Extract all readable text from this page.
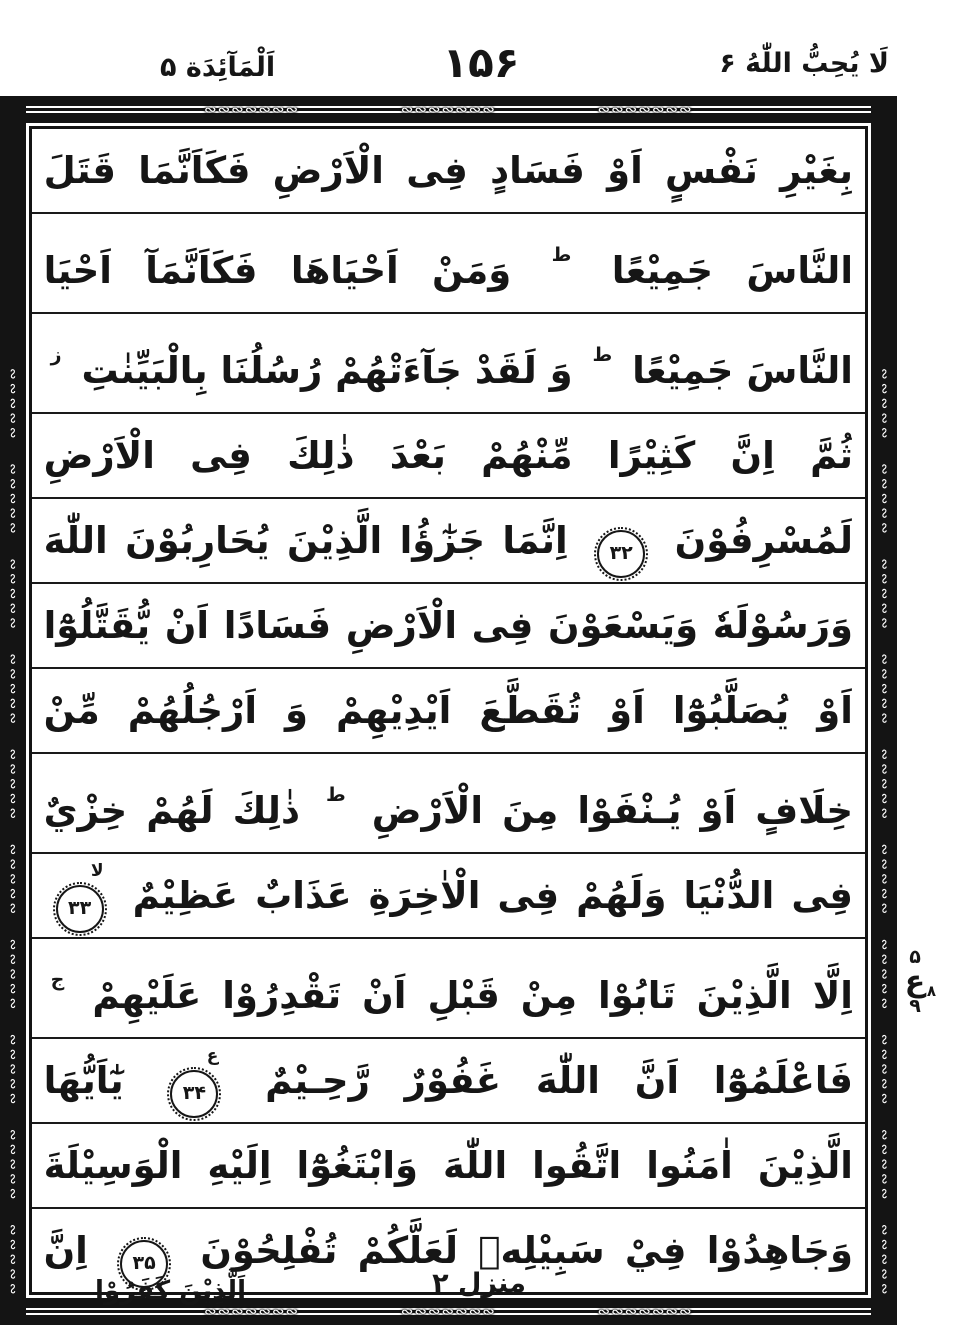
اَلْمَآئِدَة ۵	۱۵۶	لَا يُحِبُّ اللّٰهُ ۶
∾∾∾∾∾∾∾ ∾∾∾∾∾∾∾ ∾∾∾∾∾∾∾
∾∾∾∾∾ ∾∾∾∾∾ ∾∾∾∾∾ ∾∾∾∾∾ ∾∾∾∾∾ ∾∾∾∾∾ ∾∾∾∾∾ ∾∾∾∾∾ ∾∾∾∾∾ ∾∾∾∾∾
بِغَيْرِ نَفْسٍ اَوْ فَسَادٍ فِى الْاَرْضِ فَكَاَنَّمَا قَتَلَ
النَّاسَ جَمِيْعًا $^ط$ وَمَنْ اَحْيَاهَا فَكَاَنَّمَآ اَحْيَا
النَّاسَ جَمِيْعًا $^ط$ وَ لَقَدْ جَآءَتْهُمْ رُسُلُنَا بِالْبَيِّنٰتِ $^ز$
ثُمَّ اِنَّ كَثِيْرًا مِّنْهُمْ بَعْدَ ذٰلِكَ فِى الْاَرْضِ
لَمُسْرِفُوْنَ
۳۲
اِنَّمَا جَزٰٓؤُا الَّذِيْنَ يُحَارِبُوْنَ اللّٰهَ
وَرَسُوْلَهٗ وَيَسْعَوْنَ فِى الْاَرْضِ فَسَادًا اَنْ يُّقَتَّلُوْٓا
اَوْ يُصَلَّبُوْٓا اَوْ تُقَطَّعَ اَيْدِيْهِمْ وَ اَرْجُلُهُمْ مِّنْ
خِلَافٍ اَوْ يُـنْفَوْا مِنَ الْاَرْضِ $^ط$ ذٰلِكَ لَهُمْ خِزْيٌ
فِى الدُّنْيَا وَلَهُمْ فِى الْاٰخِرَةِ عَذَابٌ عَظِيْمٌ
۳۳
لا
اِلَّا الَّذِيْنَ تَابُوْا مِنْ قَبْلِ اَنْ تَقْدِرُوْا عَلَيْهِمْ $^ج$
فَاعْلَمُوْٓا اَنَّ اللّٰهَ غَفُوْرٌ رَّحِـيْمٌ
۳۴
ع
يٰٓاَيُّهَا
الَّذِيْنَ اٰمَنُوا اتَّقُوا اللّٰهَ وَابْتَغُوْٓا اِلَيْهِ الْوَسِيْلَةَ
وَجَاهِدُوْا فِيْ سَبِيْلِهٖ لَعَلَّكُمْ تُفْلِحُوْنَ
۳۵
اِنَّ
∾∾∾∾∾ ∾∾∾∾∾ ∾∾∾∾∾ ∾∾∾∾∾ ∾∾∾∾∾ ∾∾∾∾∾ ∾∾∾∾∾ ∾∾∾∾∾ ∾∾∾∾∾ ∾∾∾∾∾
∾∾∾∾∾∾∾ ∾∾∾∾∾∾∾ ∾∾∾∾∾∾∾
۵
ع ۸
۹
منزل ۲
اَلَّذِيْنَ كَفَرُوْا
